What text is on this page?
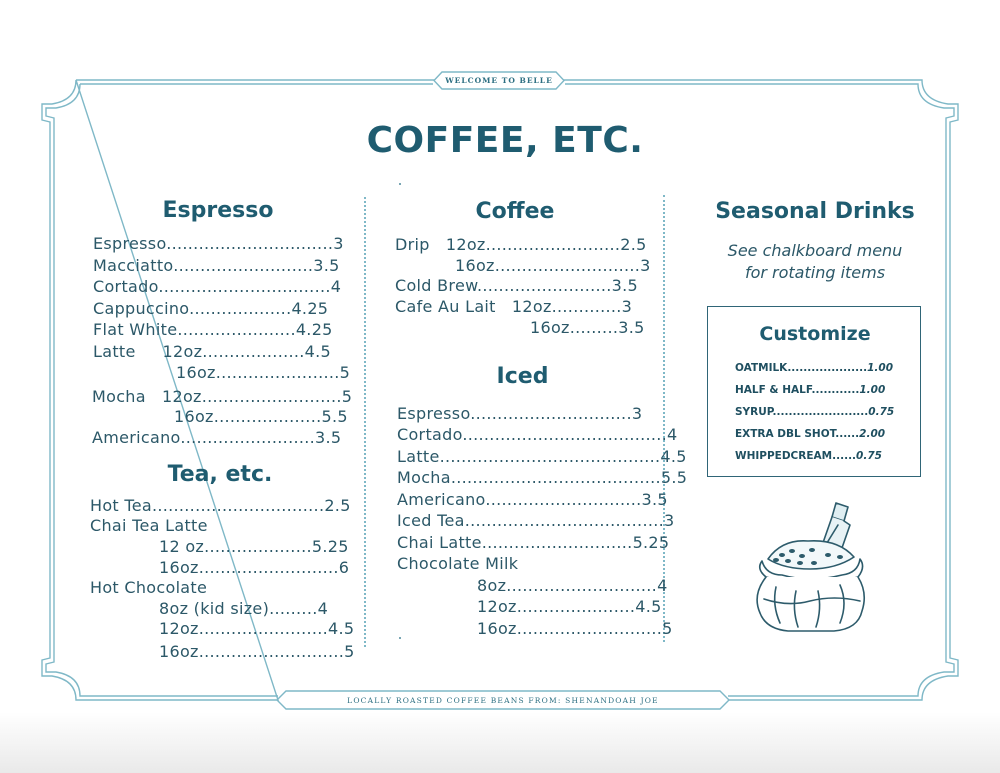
WELCOME TO BELLE
COFFEE, ETC.
Espresso
Espresso...............................3
Macciatto..........................3.5
Cortado................................4
Cappuccino...................4.25
Flat White......................4.25
Latte     12oz...................4.5
16oz.......................5
Mocha   12oz..........................5
16oz....................5.5
Americano.........................3.5
Tea, etc.
Hot Tea................................2.5
Chai Tea Latte
12 oz....................5.25
16oz..........................6
Hot Chocolate
8oz (kid size).........4
12oz........................4.5
16oz...........................5
Coffee
Drip   12oz.........................2.5
16oz...........................3
Cold Brew.........................3.5
Cafe Au Lait   12oz.............3
16oz.........3.5
Iced
Espresso..............................3
Cortado......................................4
Latte.........................................4.5
Mocha.......................................5.5
Americano.............................3.5
Iced Tea.....................................3
Chai Latte............................5.25
Chocolate Milk
8oz............................4
12oz......................4.5
16oz...........................5
Seasonal Drinks
See chalkboard menu
for rotating items
Customize
OATMILK....................1.00
HALF & HALF............1.00
SYRUP........................0.75
EXTRA DBL SHOT......2.00
WHIPPEDCREAM......0.75
LOCALLY ROASTED COFFEE BEANS FROM: SHENANDOAH JOE
